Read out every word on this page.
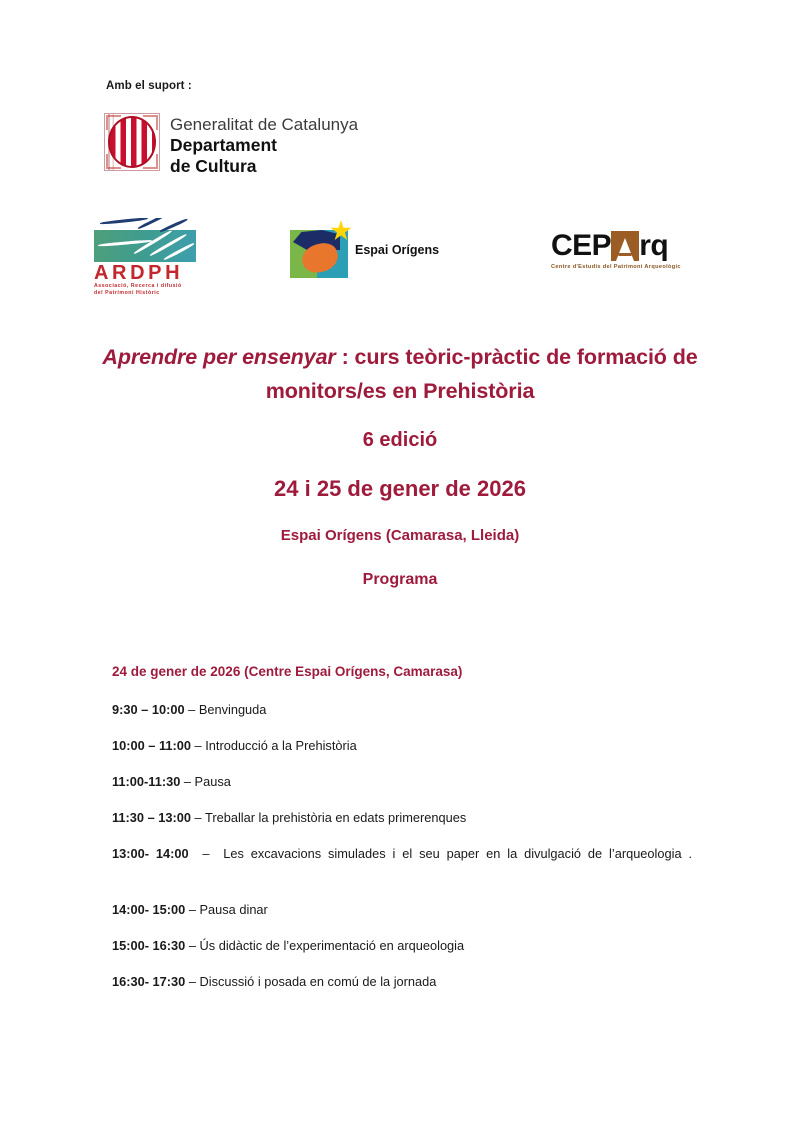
Amb el suport :
Generalitat de Catalunya
Departament
de Cultura
ARDPH
Associació, Recerca i difusió
del Patrimoni Històric
Espai Orígens	CEP rq
Centre d'Estudis del Patrimoni Arqueològic
Aprendre per ensenyar : curs teòric-pràctic de formació de monitors/es en Prehistòria
6 edició
24 i 25 de gener de 2026
Espai Orígens (Camarasa, Lleida)
Programa
24 de gener de 2026 (Centre Espai Orígens, Camarasa)
9:30 – 10:00 – Benvinguda
10:00 – 11:00 – Introducció a la Prehistòria
11:00-11:30 – Pausa
11:30 – 13:00 – Treballar la prehistòria en edats primerenques
13:00- 14:00  –  Les excavacions simulades i el seu paper en la divulgació de l’arqueologia .
14:00- 15:00 – Pausa dinar
15:00- 16:30 – Ús didàctic de l’experimentació en arqueologia
16:30- 17:30 – Discussió i posada en comú de la jornada
